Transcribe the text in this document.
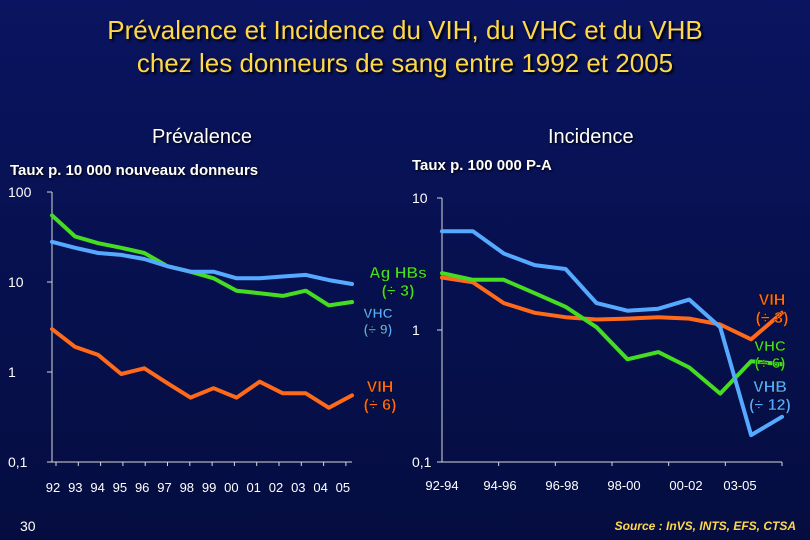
Prévalence et Incidence du VIH, du VHC et du VHB
chez les donneurs de sang entre 1992 et 2005
Prévalence	Incidence
Taux p. 10 000 nouveaux donneurs	Taux p. 100 000 P-A
100
10
1
0,1
92 93 94 95 96 97 98 99 00 01 02 03 04 05
Ag HBs
(÷ 3)
VHC
(÷ 9)
VIH
(÷ 6)
10
1
0,1
92-94 94-96 96-98 98-00 00-02 03-05
VIH
(÷ 3)
VHC
(÷ 6)
VHB
(÷ 12)
30	Source : InVS, INTS, EFS, CTSA
